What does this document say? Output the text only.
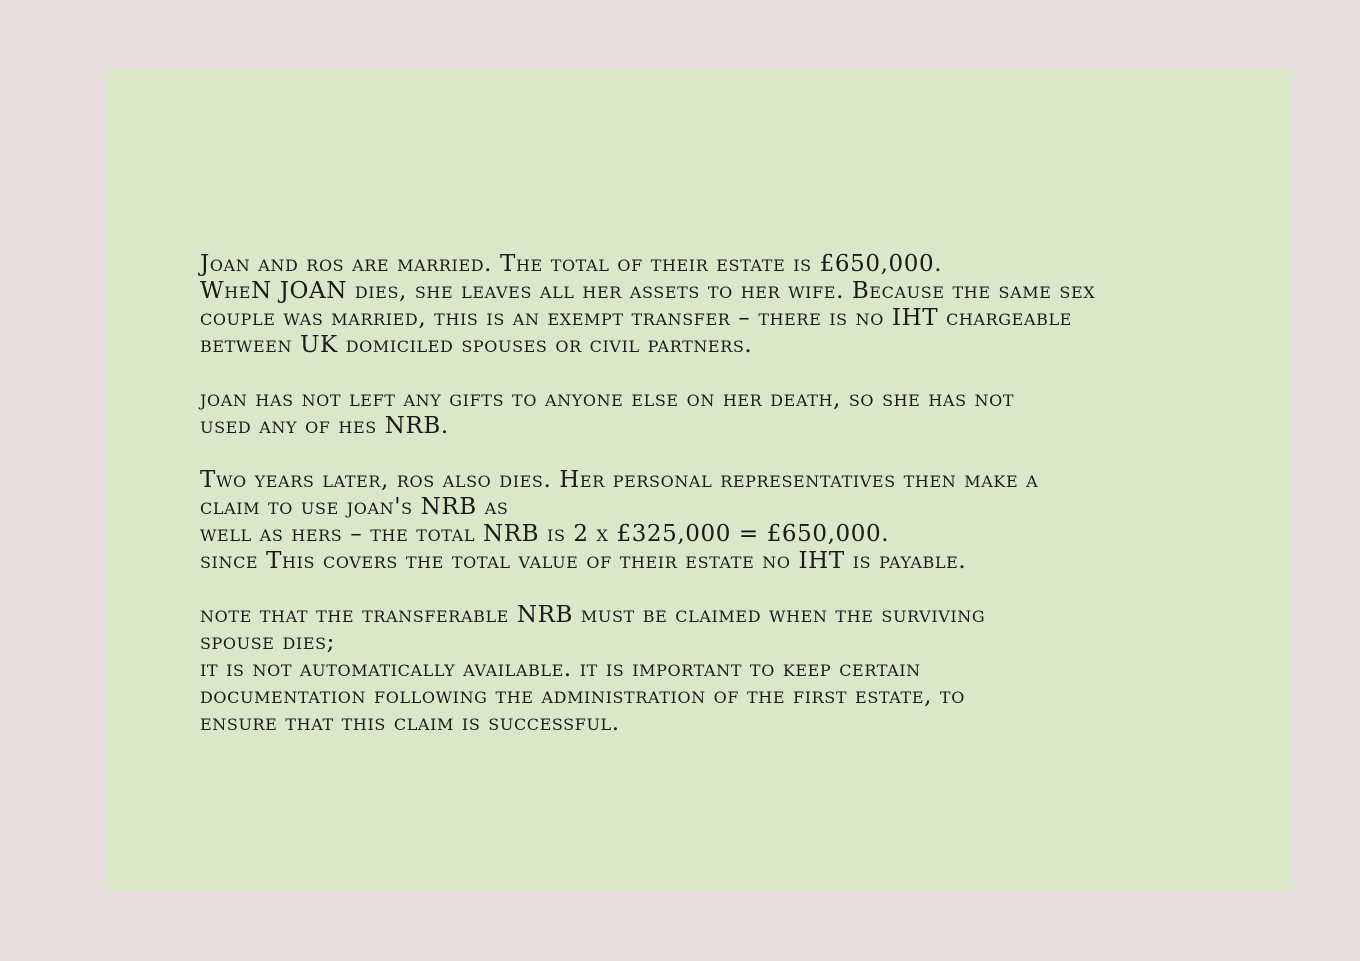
Joan and ros are married. The total of their estate is £650,000.
WheN JOAN dies, she leaves all her assets to her wife. Because the same sex
couple was married, this is an exempt transfer – there is no IHT chargeable
between UK domiciled spouses or civil partners.
joan has not left any gifts to anyone else on her death, so she has not
used any of hes NRB.
Two years later, ros also dies. Her personal representatives then make a
claim to use joan's NRB as
well as hers – the total NRB is 2 x £325,000 = £650,000.
since This covers the total value of their estate no IHT is payable.
note that the transferable NRB must be claimed when the surviving
spouse dies;
it is not automatically available. it is important to keep certain
documentation following the administration of the first estate, to
ensure that this claim is successful.
